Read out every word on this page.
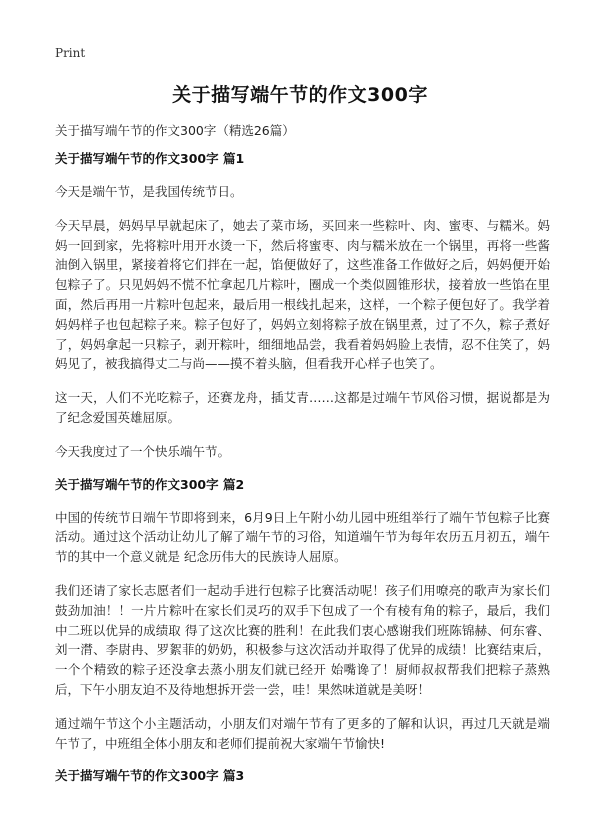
Print
关于描写端午节的作文300字
关于描写端午节的作文300字（精选26篇）
关于描写端午节的作文300字 篇1
今天是端午节，是我国传统节日。
今天早晨，妈妈早早就起床了，她去了菜市场，买回来一些粽叶、肉、蜜枣、与糯米。妈妈一回到家，先将粽叶用开水烫一下，然后将蜜枣、肉与糯米放在一个锅里，再将一些酱油倒入锅里，紧接着将它们拌在一起，馅便做好了，这些准备工作做好之后，妈妈便开始包粽子了。只见妈妈不慌不忙拿起几片粽叶，圈成一个类似圆锥形状，接着放一些馅在里面，然后再用一片粽叶包起来，最后用一根线扎起来，这样，一个粽子便包好了。我学着妈妈样子也包起粽子来。粽子包好了，妈妈立刻将粽子放在锅里煮，过了不久，粽子煮好了，妈妈拿起一只粽子，剥开粽叶，细细地品尝，我看着妈妈脸上表情，忍不住笑了，妈妈见了，被我搞得丈二与尚——摸不着头脑，但看我开心样子也笑了。
这一天，人们不光吃粽子，还赛龙舟，插艾青……这都是过端午节风俗习惯，据说都是为了纪念爱国英雄屈原。
今天我度过了一个快乐端午节。
关于描写端午节的作文300字 篇2
中国的传统节日端午节即将到来，6月9日上午附小幼儿园中班组举行了端午节包粽子比赛活动。通过这个活动让幼儿了解了端午节的习俗，知道端午节为每年农历五月初五，端午节的其中一个意义就是 纪念历伟大的民族诗人屈原。
我们还请了家长志愿者们一起动手进行包粽子比赛活动呢！孩子们用嘹亮的歌声为家长们鼓劲加油！！一片片粽叶在家长们灵巧的双手下包成了一个有棱有角的粽子，最后，我们中二班以优异的成绩取 得了这次比赛的胜利！在此我们衷心感谢我们班陈锦赫、何东睿、刘一潸、李尉冉、罗絮菲的奶奶，积极参与这次活动并取得了优异的成绩！比赛结束后，一个个精致的粽子还没拿去蒸小朋友们就已经开 始嘴谗了！厨师叔叔帮我们把粽子蒸熟后，下午小朋友迫不及待地想拆开尝一尝，哇！果然味道就是美呀！
通过端午节这个小主题活动，小朋友们对端午节有了更多的了解和认识，再过几天就是端午节了，中班组全体小朋友和老师们提前祝大家端午节愉快!
关于描写端午节的作文300字 篇3
